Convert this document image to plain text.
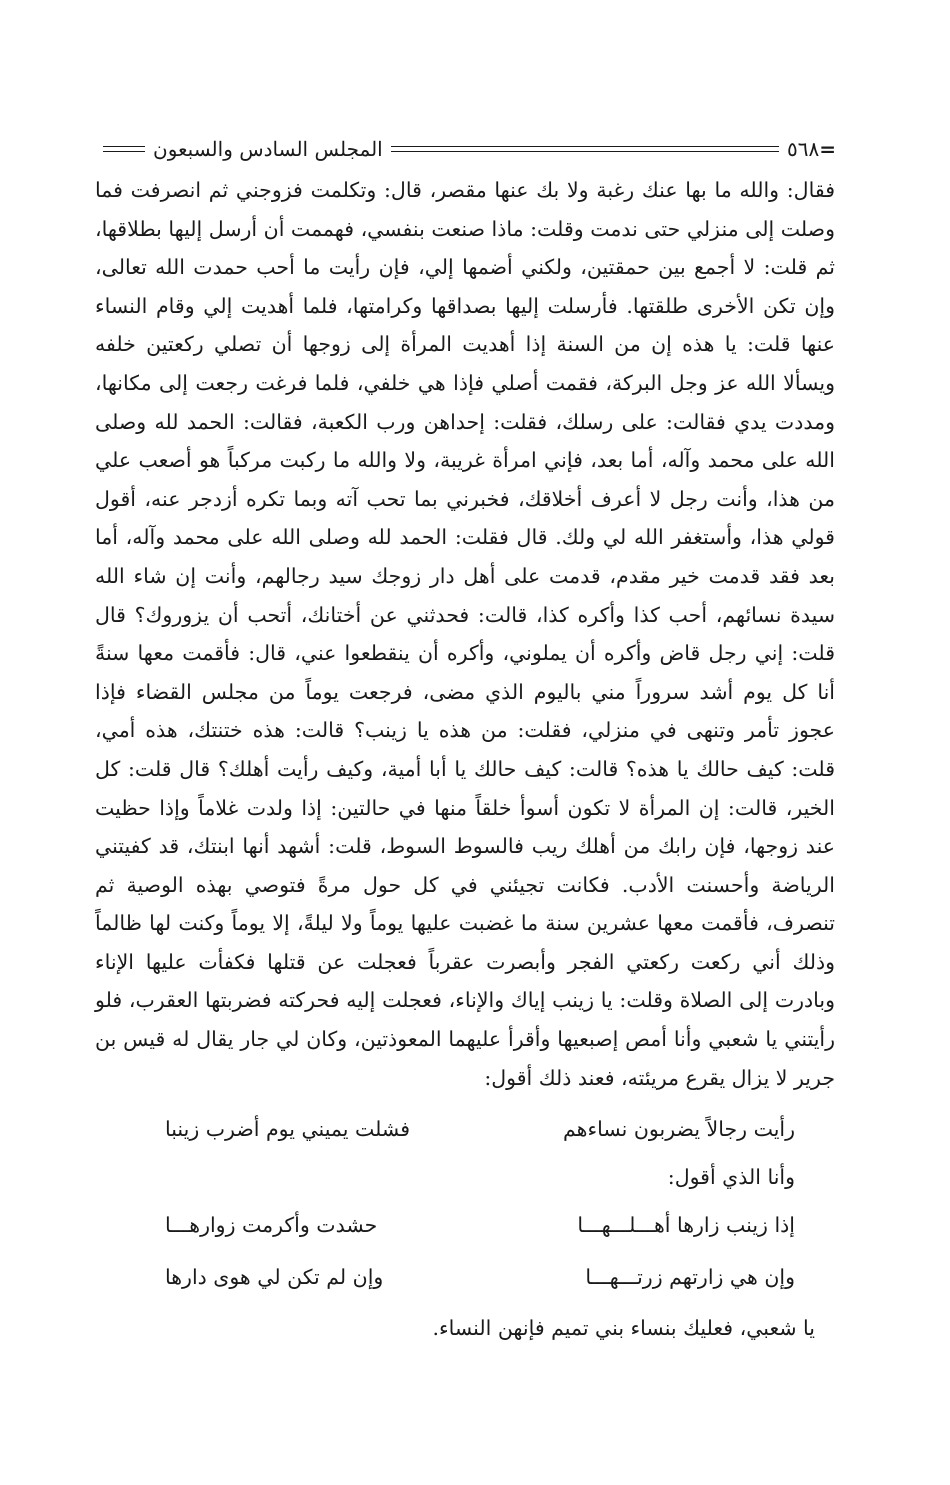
=
٥٦٨
المجلس السادس والسبعون

فقال: والله ما بها عنك رغبة ولا بك عنها مقصر، قال: وتكلمت فزوجني ثم انصرفت فما وصلت إلى منزلي حتى ندمت وقلت: ماذا صنعت بنفسي، فهممت أن أرسل إليها بطلاقها، ثم قلت: لا أجمع بين حمقتين، ولكني أضمها إلي، فإن رأيت ما أحب حمدت الله تعالى، وإن تكن الأخرى طلقتها. فأرسلت إليها بصداقها وكرامتها، فلما أهديت إلي وقام النساء عنها قلت: يا هذه إن من السنة إذا أهديت المرأة إلى زوجها أن تصلي ركعتين خلفه ويسألا الله عز وجل البركة، فقمت أصلي فإذا هي خلفي، فلما فرغت رجعت إلى مكانها، ومددت يدي فقالت: على رسلك، فقلت: إحداهن ورب الكعبة، فقالت: الحمد لله وصلى الله على محمد وآله، أما بعد، فإني امرأة غريبة، ولا والله ما ركبت مركباً هو أصعب علي من هذا، وأنت رجل لا أعرف أخلاقك، فخبرني بما تحب آته وبما تكره أزدجر عنه، أقول قولي هذا، وأستغفر الله لي ولك. قال فقلت: الحمد لله وصلى الله على محمد وآله، أما بعد فقد قدمت خير مقدم، قدمت على أهل دار زوجك سيد رجالهم، وأنت إن شاء الله سيدة نسائهم، أحب كذا وأكره كذا، قالت: فحدثني عن أختانك، أتحب أن يزوروك؟ قال قلت: إني رجل قاض وأكره أن يملوني، وأكره أن ينقطعوا عني، قال: فأقمت معها سنةً أنا كل يوم أشد سروراً مني باليوم الذي مضى، فرجعت يوماً من مجلس القضاء فإذا عجوز تأمر وتنهى في منزلي، فقلت: من هذه يا زينب؟ قالت: هذه ختنتك، هذه أمي، قلت: كيف حالك يا هذه؟ قالت: كيف حالك يا أبا أمية، وكيف رأيت أهلك؟ قال قلت: كل الخير، قالت: إن المرأة لا تكون أسوأ خلقاً منها في حالتين: إذا ولدت غلاماً وإذا حظيت عند زوجها، فإن رابك من أهلك ريب فالسوط السوط، قلت: أشهد أنها ابنتك، قد كفيتني الرياضة وأحسنت الأدب. فكانت تجيئني في كل حول مرةً فتوصي بهذه الوصية ثم تنصرف، فأقمت معها عشرين سنة ما غضبت عليها يوماً ولا ليلةً، إلا يوماً وكنت لها ظالماً وذلك أني ركعت ركعتي الفجر وأبصرت عقرباً فعجلت عن قتلها فكفأت عليها الإناء وبادرت إلى الصلاة وقلت: يا زينب إياك والإناء، فعجلت إليه فحركته فضربتها العقرب، فلو رأيتني يا شعبي وأنا أمص إصبعيها وأقرأ عليهما المعوذتين، وكان لي جار يقال له قيس بن جرير لا يزال يقرع مريئته، فعند ذلك أقول:

رأيت رجالاً يضربون نساءهم
فشلت يميني يوم أضرب زينبا
وأنا الذي أقول:
إذا زينب زارها أهـــلـــهـــا
حشدت وأكرمت زوارهـــا
وإن هي زارتهم زرتـــهـــا
وإن لم تكن لي هوى دارها
يا شعبي، فعليك بنساء بني تميم فإنهن النساء.
